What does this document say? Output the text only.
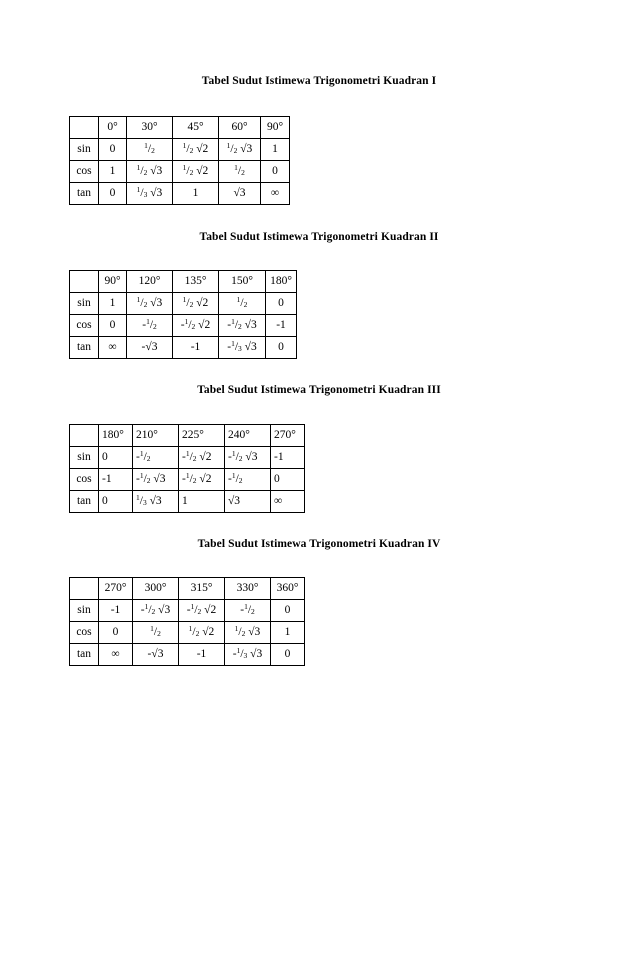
Tabel Sudut Istimewa Trigonometri Kuadran I
	0°	30°	45°	60°	90°
sin	0	$^1/_2$	$^1/_2$ √2	$^1/_2$ √3	1
cos	1	$^1/_2$ √3	$^1/_2$ √2	$^1/_2$	0
tan	0	$^1/_3$ √3	1	√3	∞
Tabel Sudut Istimewa Trigonometri Kuadran II
	90°	120°	135°	150°	180°
sin	1	$^1/_2$ √3	$^1/_2$ √2	$^1/_2$	0
cos	0	$-^1/_2$	$-^1/_2$ √2	$-^1/_2$ √3	-1
tan	∞	-√3	-1	$-^1/_3$ √3	0
Tabel Sudut Istimewa Trigonometri Kuadran III
	180°	210°	225°	240°	270°
sin	0	$-^1/_2$	$-^1/_2$ √2	$-^1/_2$ √3	-1
cos	-1	$-^1/_2$ √3	$-^1/_2$ √2	$-^1/_2$	0
tan	0	$^1/_3$ √3	1	√3	∞
Tabel Sudut Istimewa Trigonometri Kuadran IV
	270°	300°	315°	330°	360°
sin	-1	$-^1/_2$ √3	$-^1/_2$ √2	$-^1/_2$	0
cos	0	$^1/_2$	$^1/_2$ √2	$^1/_2$ √3	1
tan	∞	-√3	-1	$-^1/_3$ √3	0
